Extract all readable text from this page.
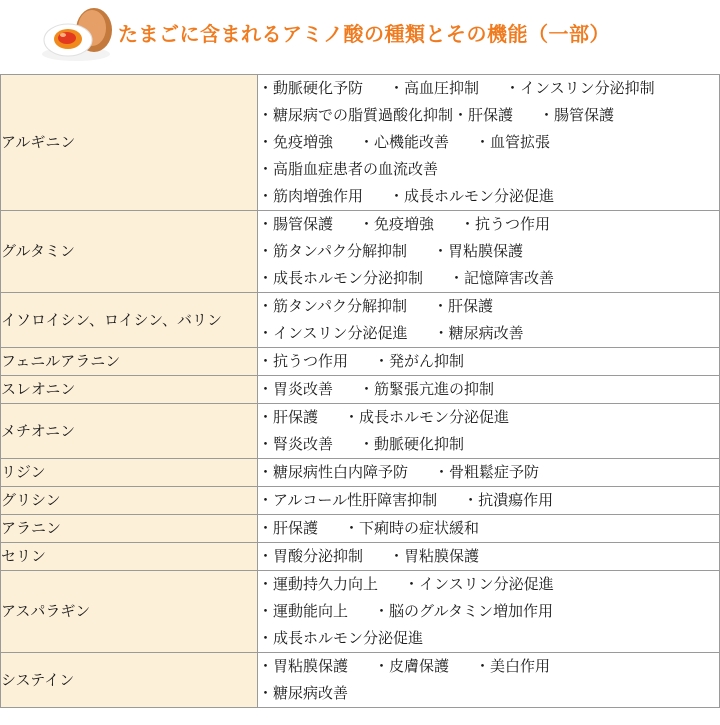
たまごに含まれるアミノ酸の種類とその機能（一部）
アルギニン	・動脈硬化予防 ・高血圧抑制 ・インスリン分泌抑制
・糖尿病での脂質過酸化抑制・肝保護 ・腸管保護
・免疫増強 ・心機能改善 ・血管拡張
・高脂血症患者の血流改善
・筋肉増強作用 ・成長ホルモン分泌促進

グルタミン	・腸管保護 ・免疫増強 ・抗うつ作用
・筋タンパク分解抑制 ・胃粘膜保護
・成長ホルモン分泌抑制 ・記憶障害改善

イソロイシン、ロイシン、バリン	・筋タンパク分解抑制 ・肝保護
・インスリン分泌促進 ・糖尿病改善

フェニルアラニン	・抗うつ作用 ・発がん抑制

スレオニン	・胃炎改善 ・筋緊張亢進の抑制

メチオニン	・肝保護 ・成長ホルモン分泌促進
・腎炎改善 ・動脈硬化抑制

リジン	・糖尿病性白内障予防 ・骨粗鬆症予防

グリシン	・アルコール性肝障害抑制 ・抗潰瘍作用

アラニン	・肝保護 ・下痢時の症状緩和

セリン	・胃酸分泌抑制 ・胃粘膜保護

アスパラギン	・運動持久力向上 ・インスリン分泌促進
・運動能向上 ・脳のグルタミン増加作用
・成長ホルモン分泌促進

システイン	・胃粘膜保護 ・皮膚保護 ・美白作用
・糖尿病改善
